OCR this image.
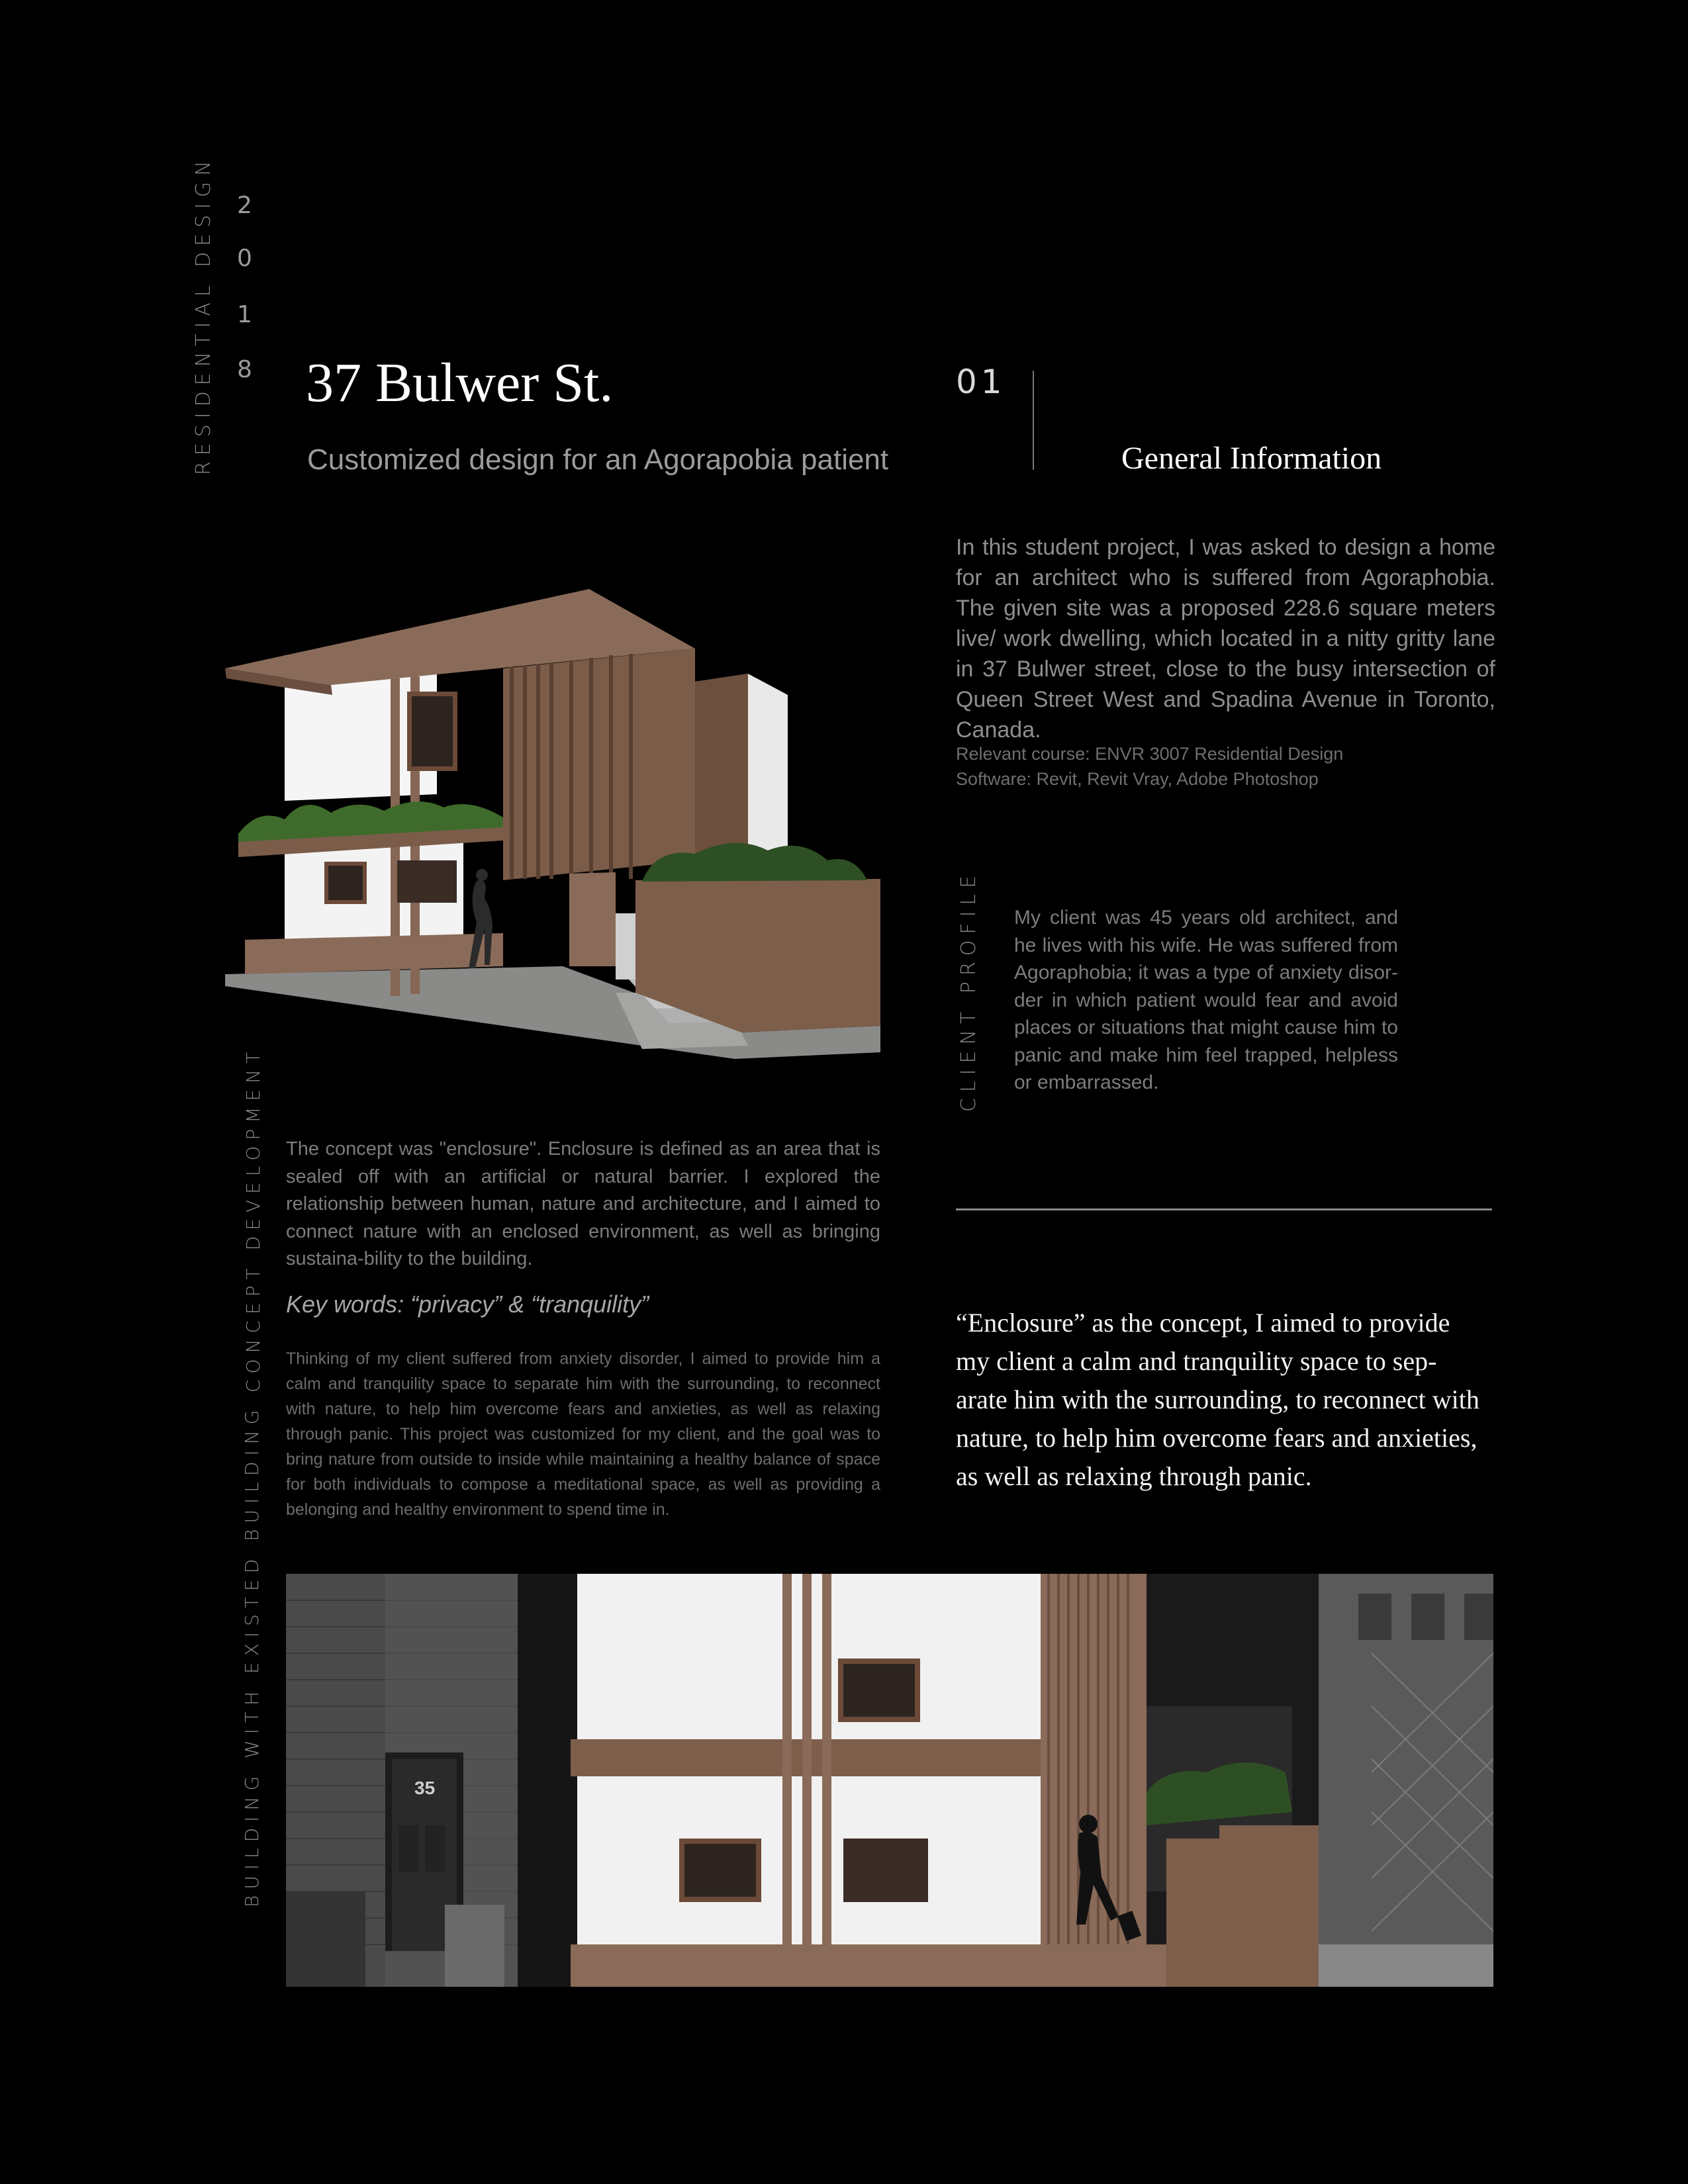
RESIDENTIAL DESIGN 2
0
1
8 37 Bulwer St.
Customized design for an Agorapobia patient
01
General Information
In this student project, I was asked to design a home for an architect who is suffered from Agoraphobia. The given site was a proposed 228.6 square meters live/ work dwelling, which located in a nitty gritty lane in 37 Bulwer street, close to the busy intersection of Queen Street West and Spadina Avenue in Toronto, Canada.
Relevant course: ENVR 3007 Residential Design
Software: Revit, Revit Vray, Adobe Photoshop
CLIENT PROFILE My client was 45 years old architect, and he lives with his wife. He was suffered from Agoraphobia; it was a type of anxiety disor-der in which patient would fear and avoid places or situations that might cause him to panic and make him feel trapped, helpless or embarrassed.
CONCEPT DEVELOPMENT The concept was "enclosure". Enclosure is defined as an area that is sealed off with an artificial or natural barrier. I explored the relationship between human, nature and architecture, and I aimed to connect nature with an enclosed environment, as well as bringing sustaina-bility to the building.
Key words: “privacy” & “tranquility”
Thinking of my client suffered from anxiety disorder, I aimed to provide him a calm and tranquility space to separate him with the surrounding, to reconnect with nature, to help him overcome fears and anxieties, as well as relaxing through panic. This project was customized for my client, and the goal was to bring nature from outside to inside while maintaining a healthy balance of space for both individuals to compose a meditational space, as well as providing a belonging and healthy environment to spend time in.
“Enclosure” as the concept, I aimed to provide my client a calm and tranquility space to sep-arate him with the surrounding, to reconnect with nature, to help him overcome fears and anxieties, as well as relaxing through panic.
BUILDING WITH EXISTED BUILDING	35
